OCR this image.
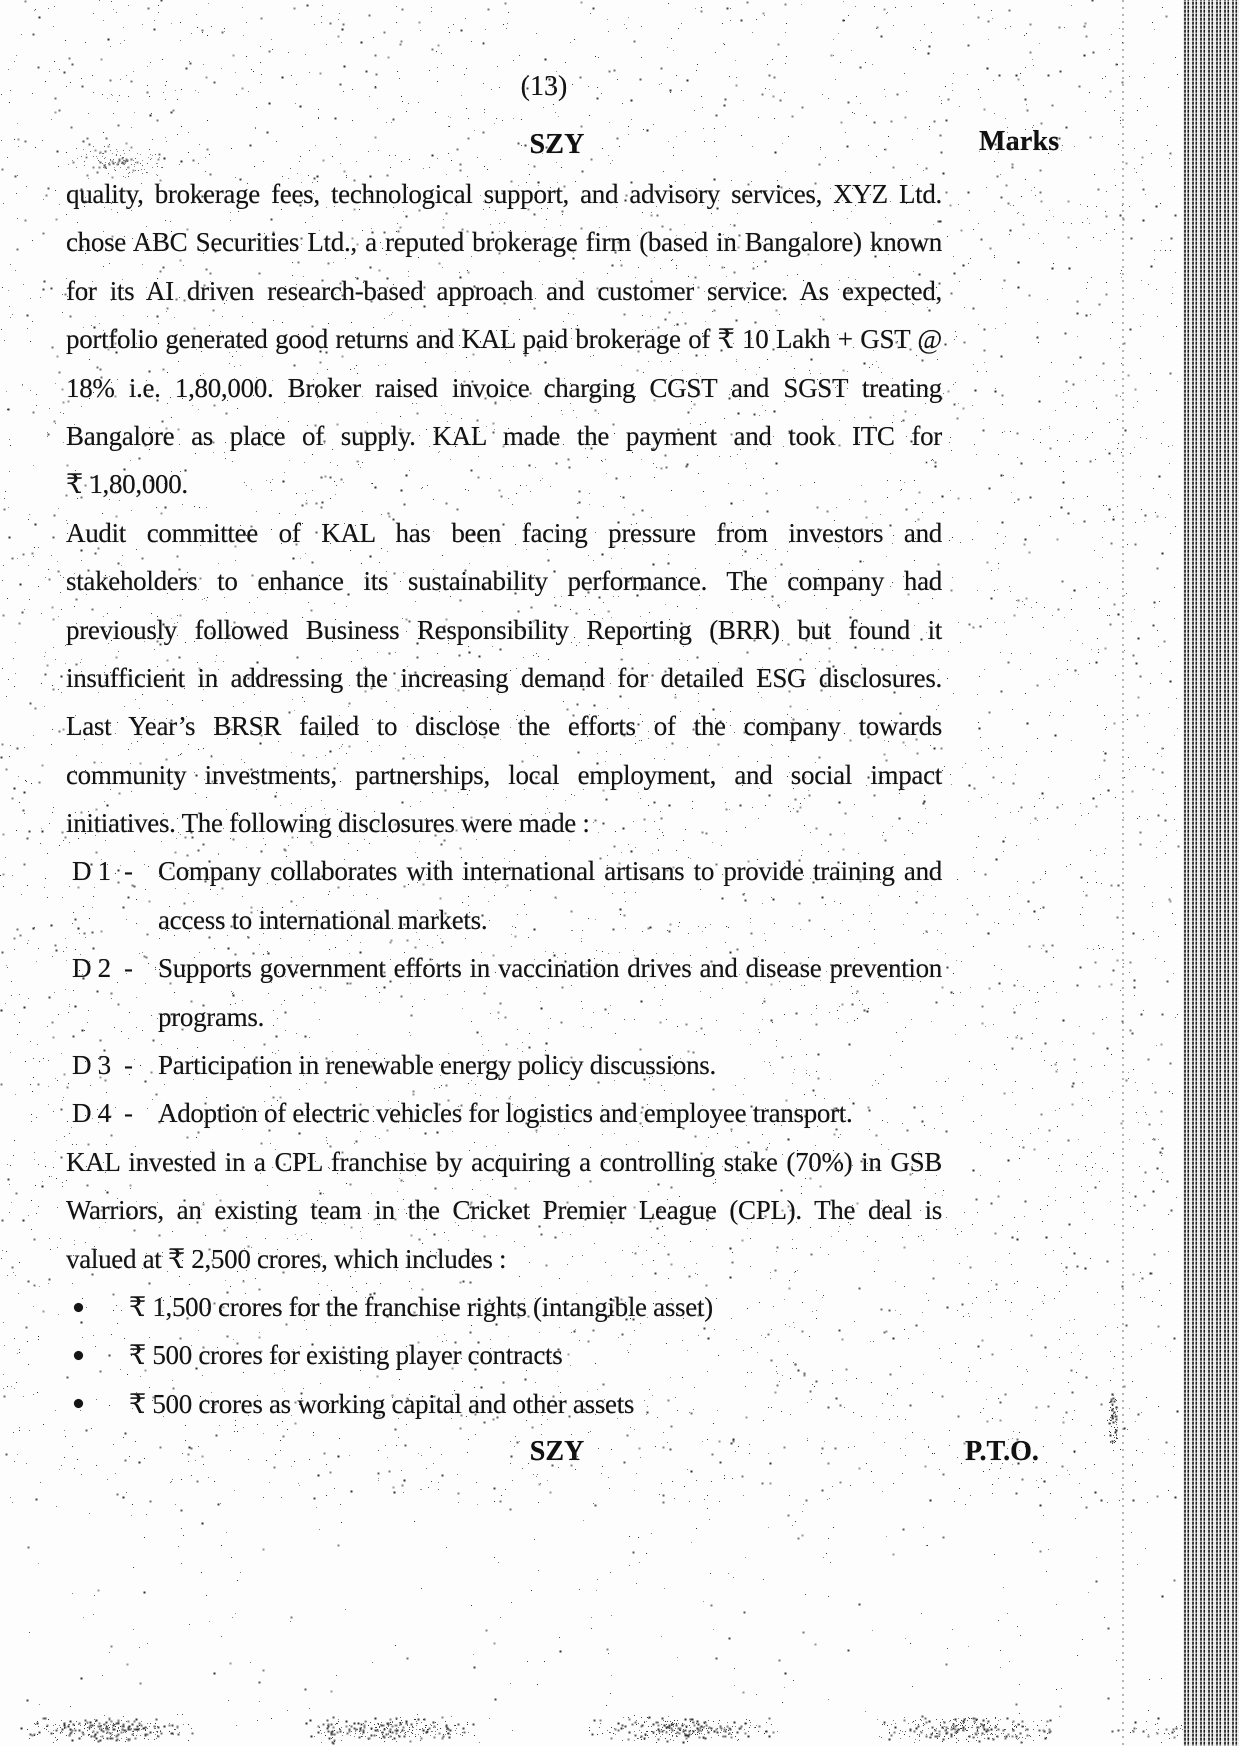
(13)
SZY	Marks
quality, brokerage fees, technological support, and advisory services, XYZ Ltd.
chose ABC Securities Ltd., a reputed brokerage firm (based in Bangalore) known
for its AI driven research-based approach and customer service. As expected,
portfolio generated good returns and KAL paid brokerage of ₹ 10 Lakh + GST @
18% i.e. 1,80,000. Broker raised invoice charging CGST and SGST treating
Bangalore as place of supply. KAL made the payment and took ITC for
₹ 1,80,000.
Audit committee of KAL has been facing pressure from investors and
stakeholders to enhance its sustainability performance. The company had
previously followed Business Responsibility Reporting (BRR) but found it
insufficient in addressing the increasing demand for detailed ESG disclosures.
Last Year’s BRSR failed to disclose the efforts of the company towards
community investments, partnerships, local employment, and social impact
initiatives. The following disclosures were made :
D 1 - Company collaborates with international artisans to provide training and
access to international markets.
D 2 - Supports government efforts in vaccination drives and disease prevention
programs.
D 3 - Participation in renewable energy policy discussions.
D 4 - Adoption of electric vehicles for logistics and employee transport.
KAL invested in a CPL franchise by acquiring a controlling stake (70%) in GSB
Warriors, an existing team in the Cricket Premier League (CPL). The deal is
valued at ₹ 2,500 crores, which includes :
₹ 1,500 crores for the franchise rights (intangible asset)
₹ 500 crores for existing player contracts
₹ 500 crores as working capital and other assets
SZY	P.T.O.
